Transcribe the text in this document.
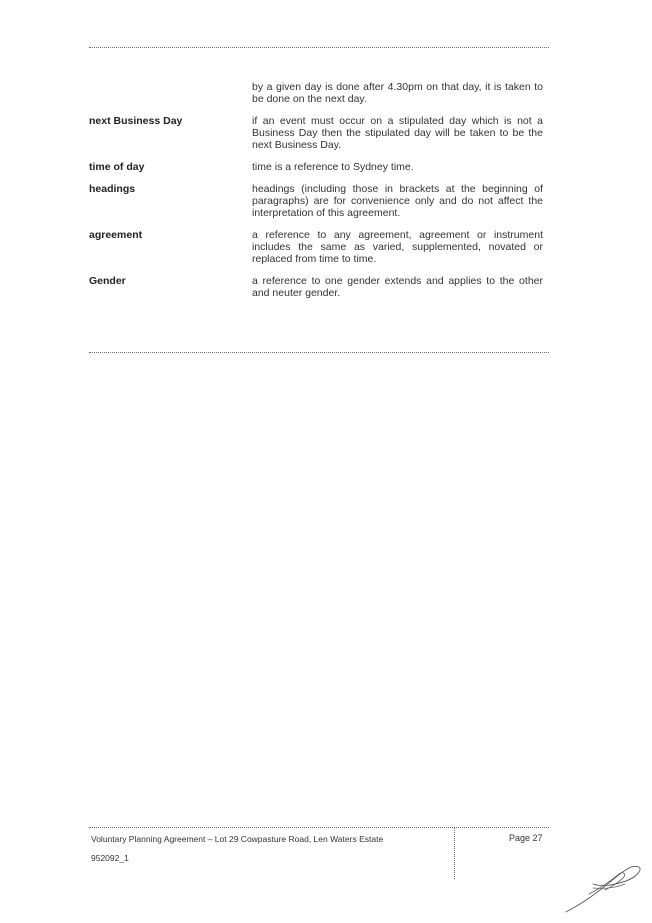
by a given day is done after 4.30pm on that day, it is taken to be done on the next day.
next Business Day	if an event must occur on a stipulated day which is not a Business Day then the stipulated day will be taken to be the next Business Day.
time of day	time is a reference to Sydney time.
headings	headings (including those in brackets at the beginning of paragraphs) are for convenience only and do not affect the interpretation of this agreement.
agreement	a reference to any agreement, agreement or instrument includes the same as varied, supplemented, novated or replaced from time to time.
Gender	a reference to one gender extends and applies to the other and neuter gender.
Voluntary Planning Agreement – Lot 29 Cowpasture Road, Len Waters Estate
952092_1
Page 27
